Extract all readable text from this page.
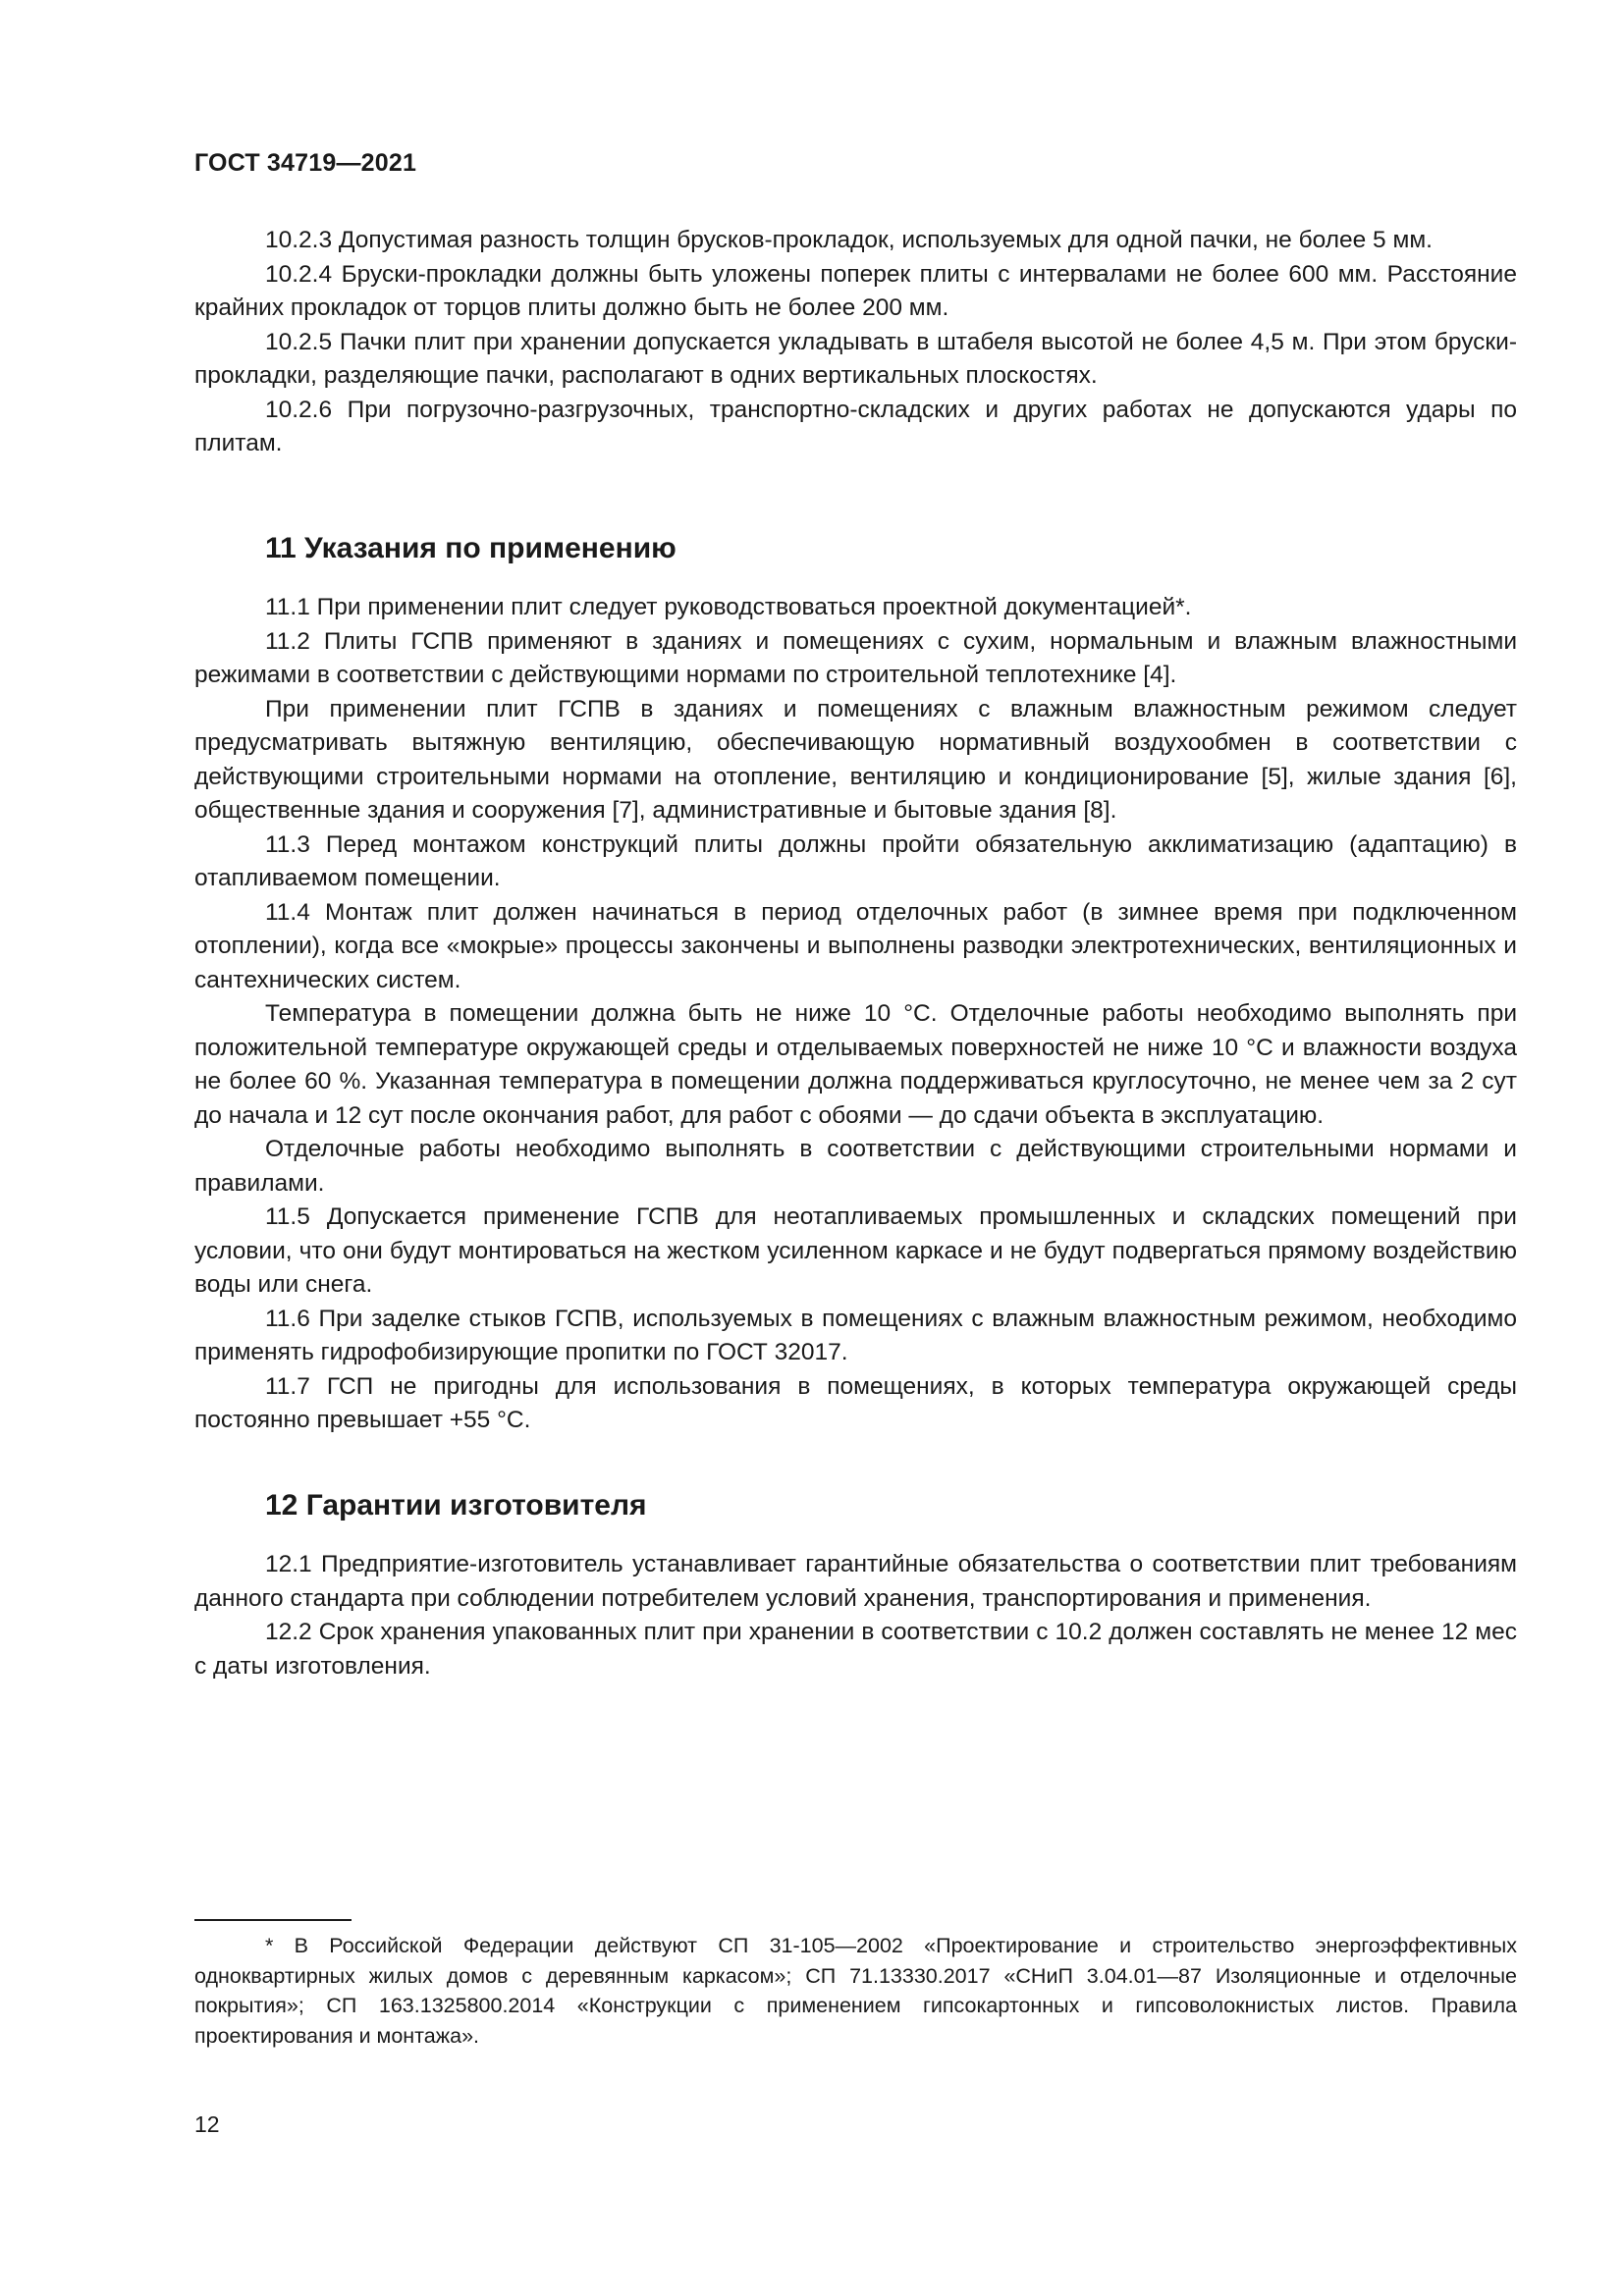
ГОСТ 34719—2021

10.2.3 Допустимая разность толщин брусков-прокладок, используемых для одной пачки, не более 5 мм.

10.2.4 Бруски-прокладки должны быть уложены поперек плиты с интервалами не более 600 мм. Расстояние крайних прокладок от торцов плиты должно быть не более 200 мм.

10.2.5 Пачки плит при хранении допускается укладывать в штабеля высотой не более 4,5 м. При этом бруски-прокладки, разделяющие пачки, располагают в одних вертикальных плоскостях.

10.2.6 При погрузочно-разгрузочных, транспортно-складских и других работах не допускаются удары по плитам.

11 Указания по применению

11.1 При применении плит следует руководствоваться проектной документацией*.

11.2 Плиты ГСПВ применяют в зданиях и помещениях с сухим, нормальным и влажным влажностными режимами в соответствии с действующими нормами по строительной теплотехнике [4].

При применении плит ГСПВ в зданиях и помещениях с влажным влажностным режимом следует предусматривать вытяжную вентиляцию, обеспечивающую нормативный воздухообмен в соответствии с действующими строительными нормами на отопление, вентиляцию и кондиционирование [5], жилые здания [6], общественные здания и сооружения [7], административные и бытовые здания [8].

11.3 Перед монтажом конструкций плиты должны пройти обязательную акклиматизацию (адаптацию) в отапливаемом помещении.

11.4 Монтаж плит должен начинаться в период отделочных работ (в зимнее время при подключенном отоплении), когда все «мокрые» процессы закончены и выполнены разводки электротехнических, вентиляционных и сантехнических систем.

Температура в помещении должна быть не ниже 10 °С. Отделочные работы необходимо выполнять при положительной температуре окружающей среды и отделываемых поверхностей не ниже 10 °С и влажности воздуха не более 60 %. Указанная температура в помещении должна поддерживаться круглосуточно, не менее чем за 2 сут до начала и 12 сут после окончания работ, для работ с обоями — до сдачи объекта в эксплуатацию.

Отделочные работы необходимо выполнять в соответствии с действующими строительными нормами и правилами.

11.5 Допускается применение ГСПВ для неотапливаемых промышленных и складских помещений при условии, что они будут монтироваться на жестком усиленном каркасе и не будут подвергаться прямому воздействию воды или снега.

11.6 При заделке стыков ГСПВ, используемых в помещениях с влажным влажностным режимом, необходимо применять гидрофобизирующие пропитки по ГОСТ 32017.

11.7 ГСП не пригодны для использования в помещениях, в которых температура окружающей среды постоянно превышает +55 °С.

12 Гарантии изготовителя

12.1 Предприятие-изготовитель устанавливает гарантийные обязательства о соответствии плит требованиям данного стандарта при соблюдении потребителем условий хранения, транспортирования и применения.

12.2 Срок хранения упакованных плит при хранении в соответствии с 10.2 должен составлять не менее 12 мес с даты изготовления.

* В Российской Федерации действуют СП 31-105—2002 «Проектирование и строительство энергоэффективных одноквартирных жилых домов с деревянным каркасом»; СП 71.13330.2017 «СНиП 3.04.01—87 Изоляционные и отделочные покрытия»; СП 163.1325800.2014 «Конструкции с применением гипсокартонных и гипсоволокнистых листов. Правила проектирования и монтажа».

12
